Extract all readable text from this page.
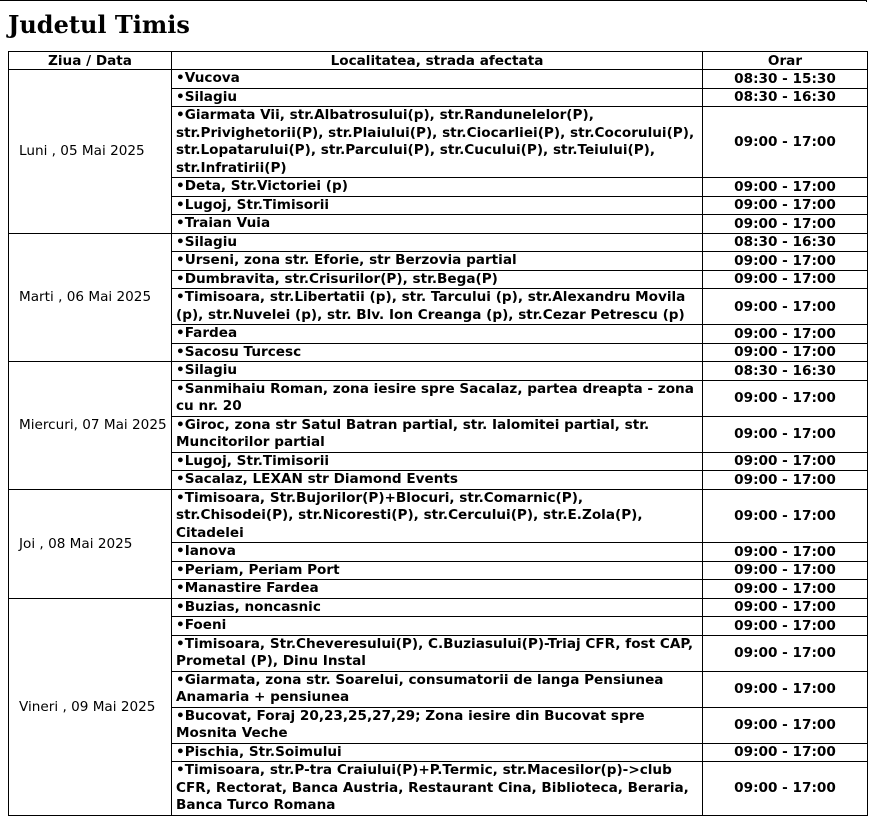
Judetul Timis
Ziua / Data	Localitatea, strada afectata	Orar
Luni , 05 Mai 2025	•Vucova	08:30 - 15:30
	•Silagiu	08:30 - 16:30
	•Giarmata Vii, str.Albatrosului(p), str.Randunelelor(P), str.Privighetorii(P), str.Plaiului(P), str.Ciocarliei(P), str.Cocorului(P), str.Lopatarului(P), str.Parcului(P), str.Cucului(P), str.Teiului(P), str.Infratirii(P)	09:00 - 17:00
	•Deta, Str.Victoriei (p)	09:00 - 17:00
	•Lugoj, Str.Timisorii	09:00 - 17:00
	•Traian Vuia	09:00 - 17:00
Marti , 06 Mai 2025	•Silagiu	08:30 - 16:30
	•Urseni, zona str. Eforie, str Berzovia partial	09:00 - 17:00
	•Dumbravita, str.Crisurilor(P), str.Bega(P)	09:00 - 17:00
	•Timisoara, str.Libertatii (p), str. Tarcului (p), str.Alexandru Movila (p), str.Nuvelei (p), str. Blv. Ion Creanga (p), str.Cezar Petrescu (p)	09:00 - 17:00
	•Fardea	09:00 - 17:00
	•Sacosu Turcesc	09:00 - 17:00
Miercuri, 07 Mai 2025	•Silagiu	08:30 - 16:30
	•Sanmihaiu Roman, zona iesire spre Sacalaz, partea dreapta - zona cu nr. 20	09:00 - 17:00
	•Giroc, zona str Satul Batran partial, str. Ialomitei partial, str. Muncitorilor partial	09:00 - 17:00
	•Lugoj, Str.Timisorii	09:00 - 17:00
	•Sacalaz, LEXAN str Diamond Events	09:00 - 17:00
Joi , 08 Mai 2025	•Timisoara, Str.Bujorilor(P)+Blocuri, str.Comarnic(P), str.Chisodei(P), str.Nicoresti(P), str.Cercului(P), str.E.Zola(P), Citadelei	09:00 - 17:00
	•Ianova	09:00 - 17:00
	•Periam, Periam Port	09:00 - 17:00
	•Manastire Fardea	09:00 - 17:00
Vineri , 09 Mai 2025	•Buzias, noncasnic	09:00 - 17:00
	•Foeni	09:00 - 17:00
	•Timisoara, Str.Cheveresului(P), C.Buziasului(P)-Triaj CFR, fost CAP, Prometal (P), Dinu Instal	09:00 - 17:00
	•Giarmata, zona str. Soarelui, consumatorii de langa Pensiunea Anamaria + pensiunea	09:00 - 17:00
	•Bucovat, Foraj 20,23,25,27,29; Zona iesire din Bucovat spre Mosnita Veche	09:00 - 17:00
	•Pischia, Str.Soimului	09:00 - 17:00
	•Timisoara, str.P-tra Craiului(P)+P.Termic, str.Macesilor(p)->club CFR, Rectorat, Banca Austria, Restaurant Cina, Biblioteca, Beraria, Banca Turco Romana	09:00 - 17:00
